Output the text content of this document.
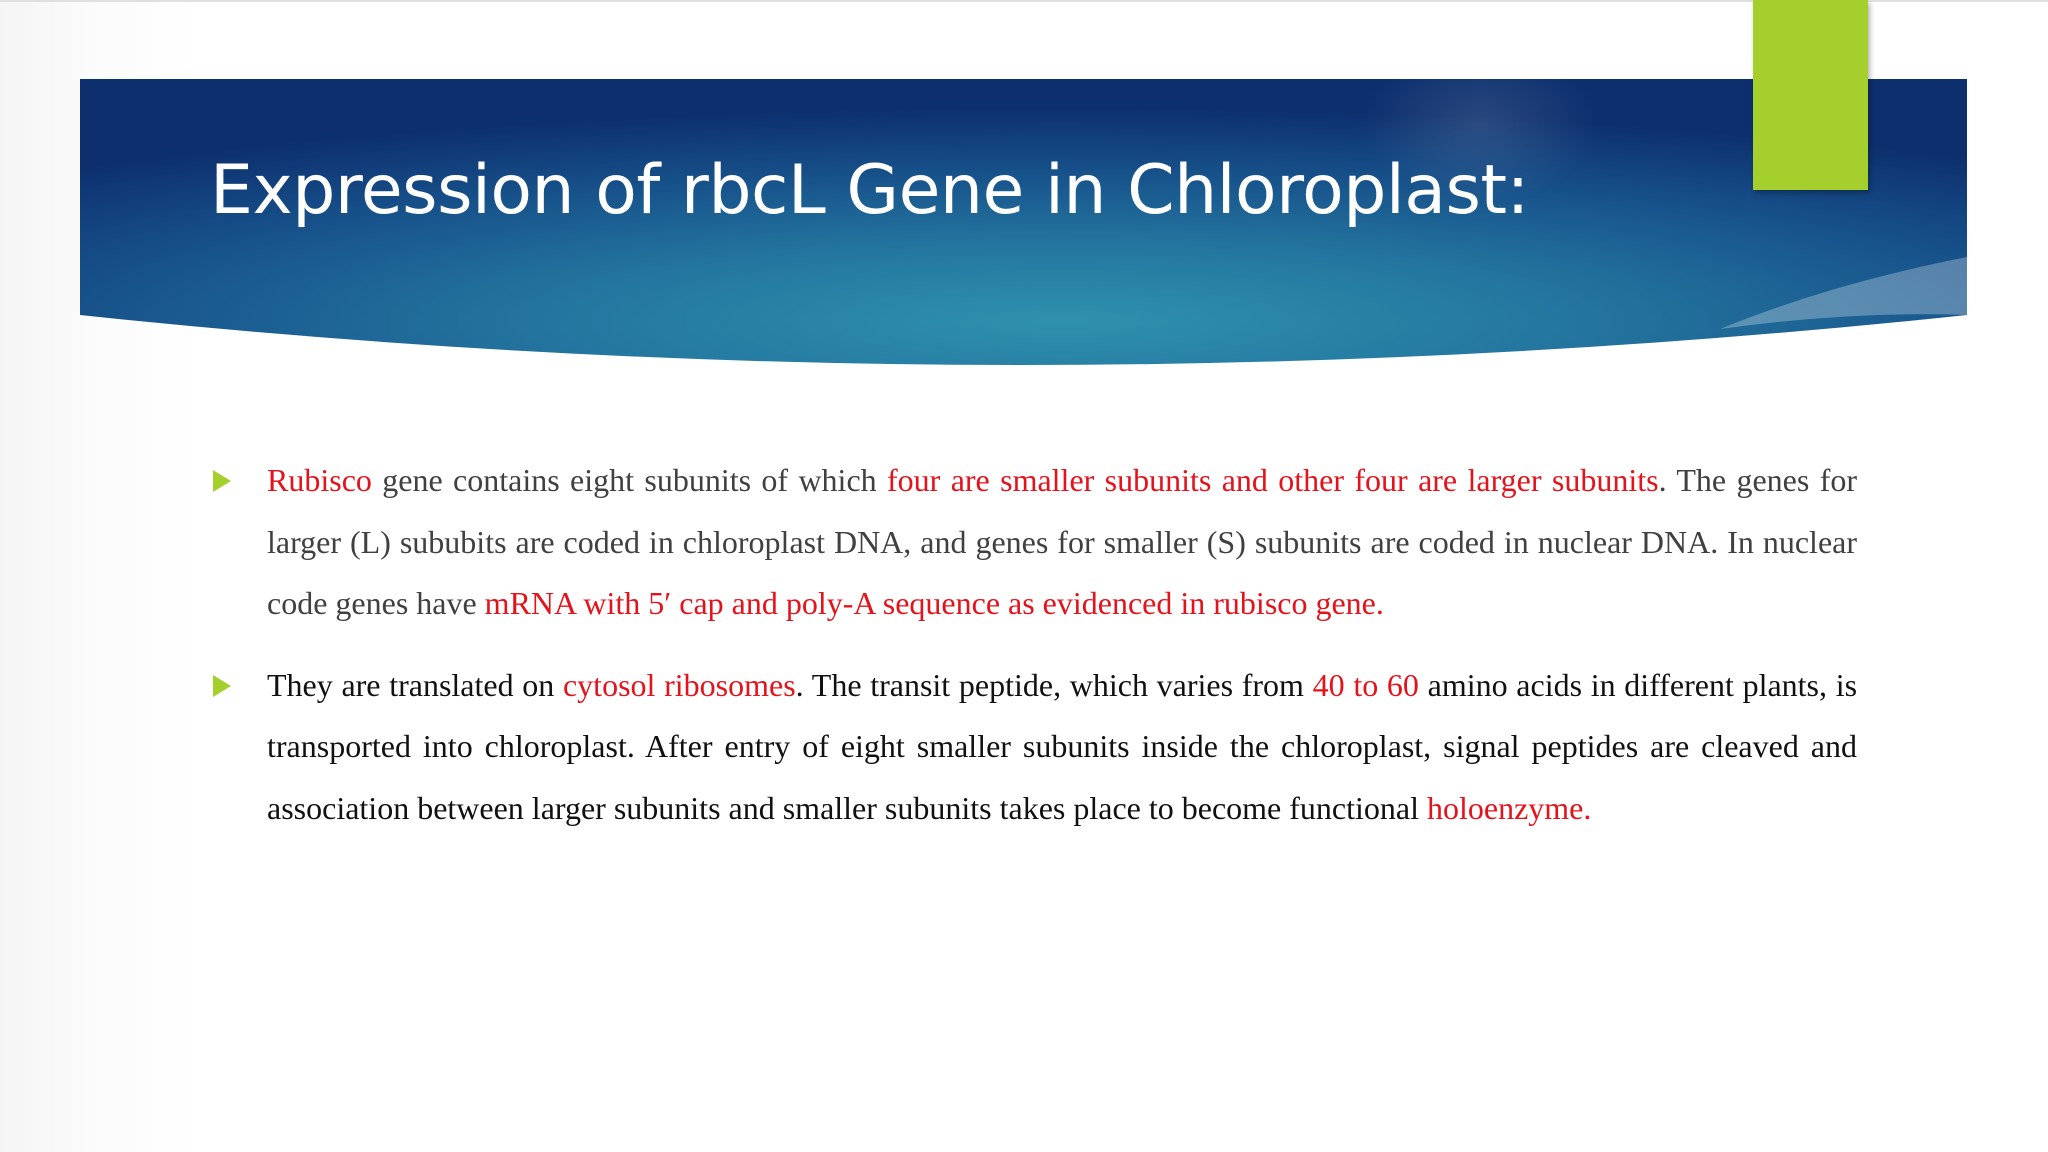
Expression of rbcL Gene in Chloroplast:

Rubisco gene contains eight subunits of which four are smaller subunits and other four are larger subunits. The genes for larger (L) sububits are coded in chloroplast DNA, and genes for smaller (S) subunits are coded in nuclear DNA. In nuclear code genes have mRNA with 5′ cap and poly-A sequence as evidenced in rubisco gene.

They are translated on cytosol ribosomes. The transit peptide, which varies from 40 to 60 amino acids in different plants, is transported into chloroplast. After entry of eight smaller subunits inside the chloroplast, signal peptides are cleaved and association between larger subunits and smaller subunits takes place to become functional holoenzyme.
